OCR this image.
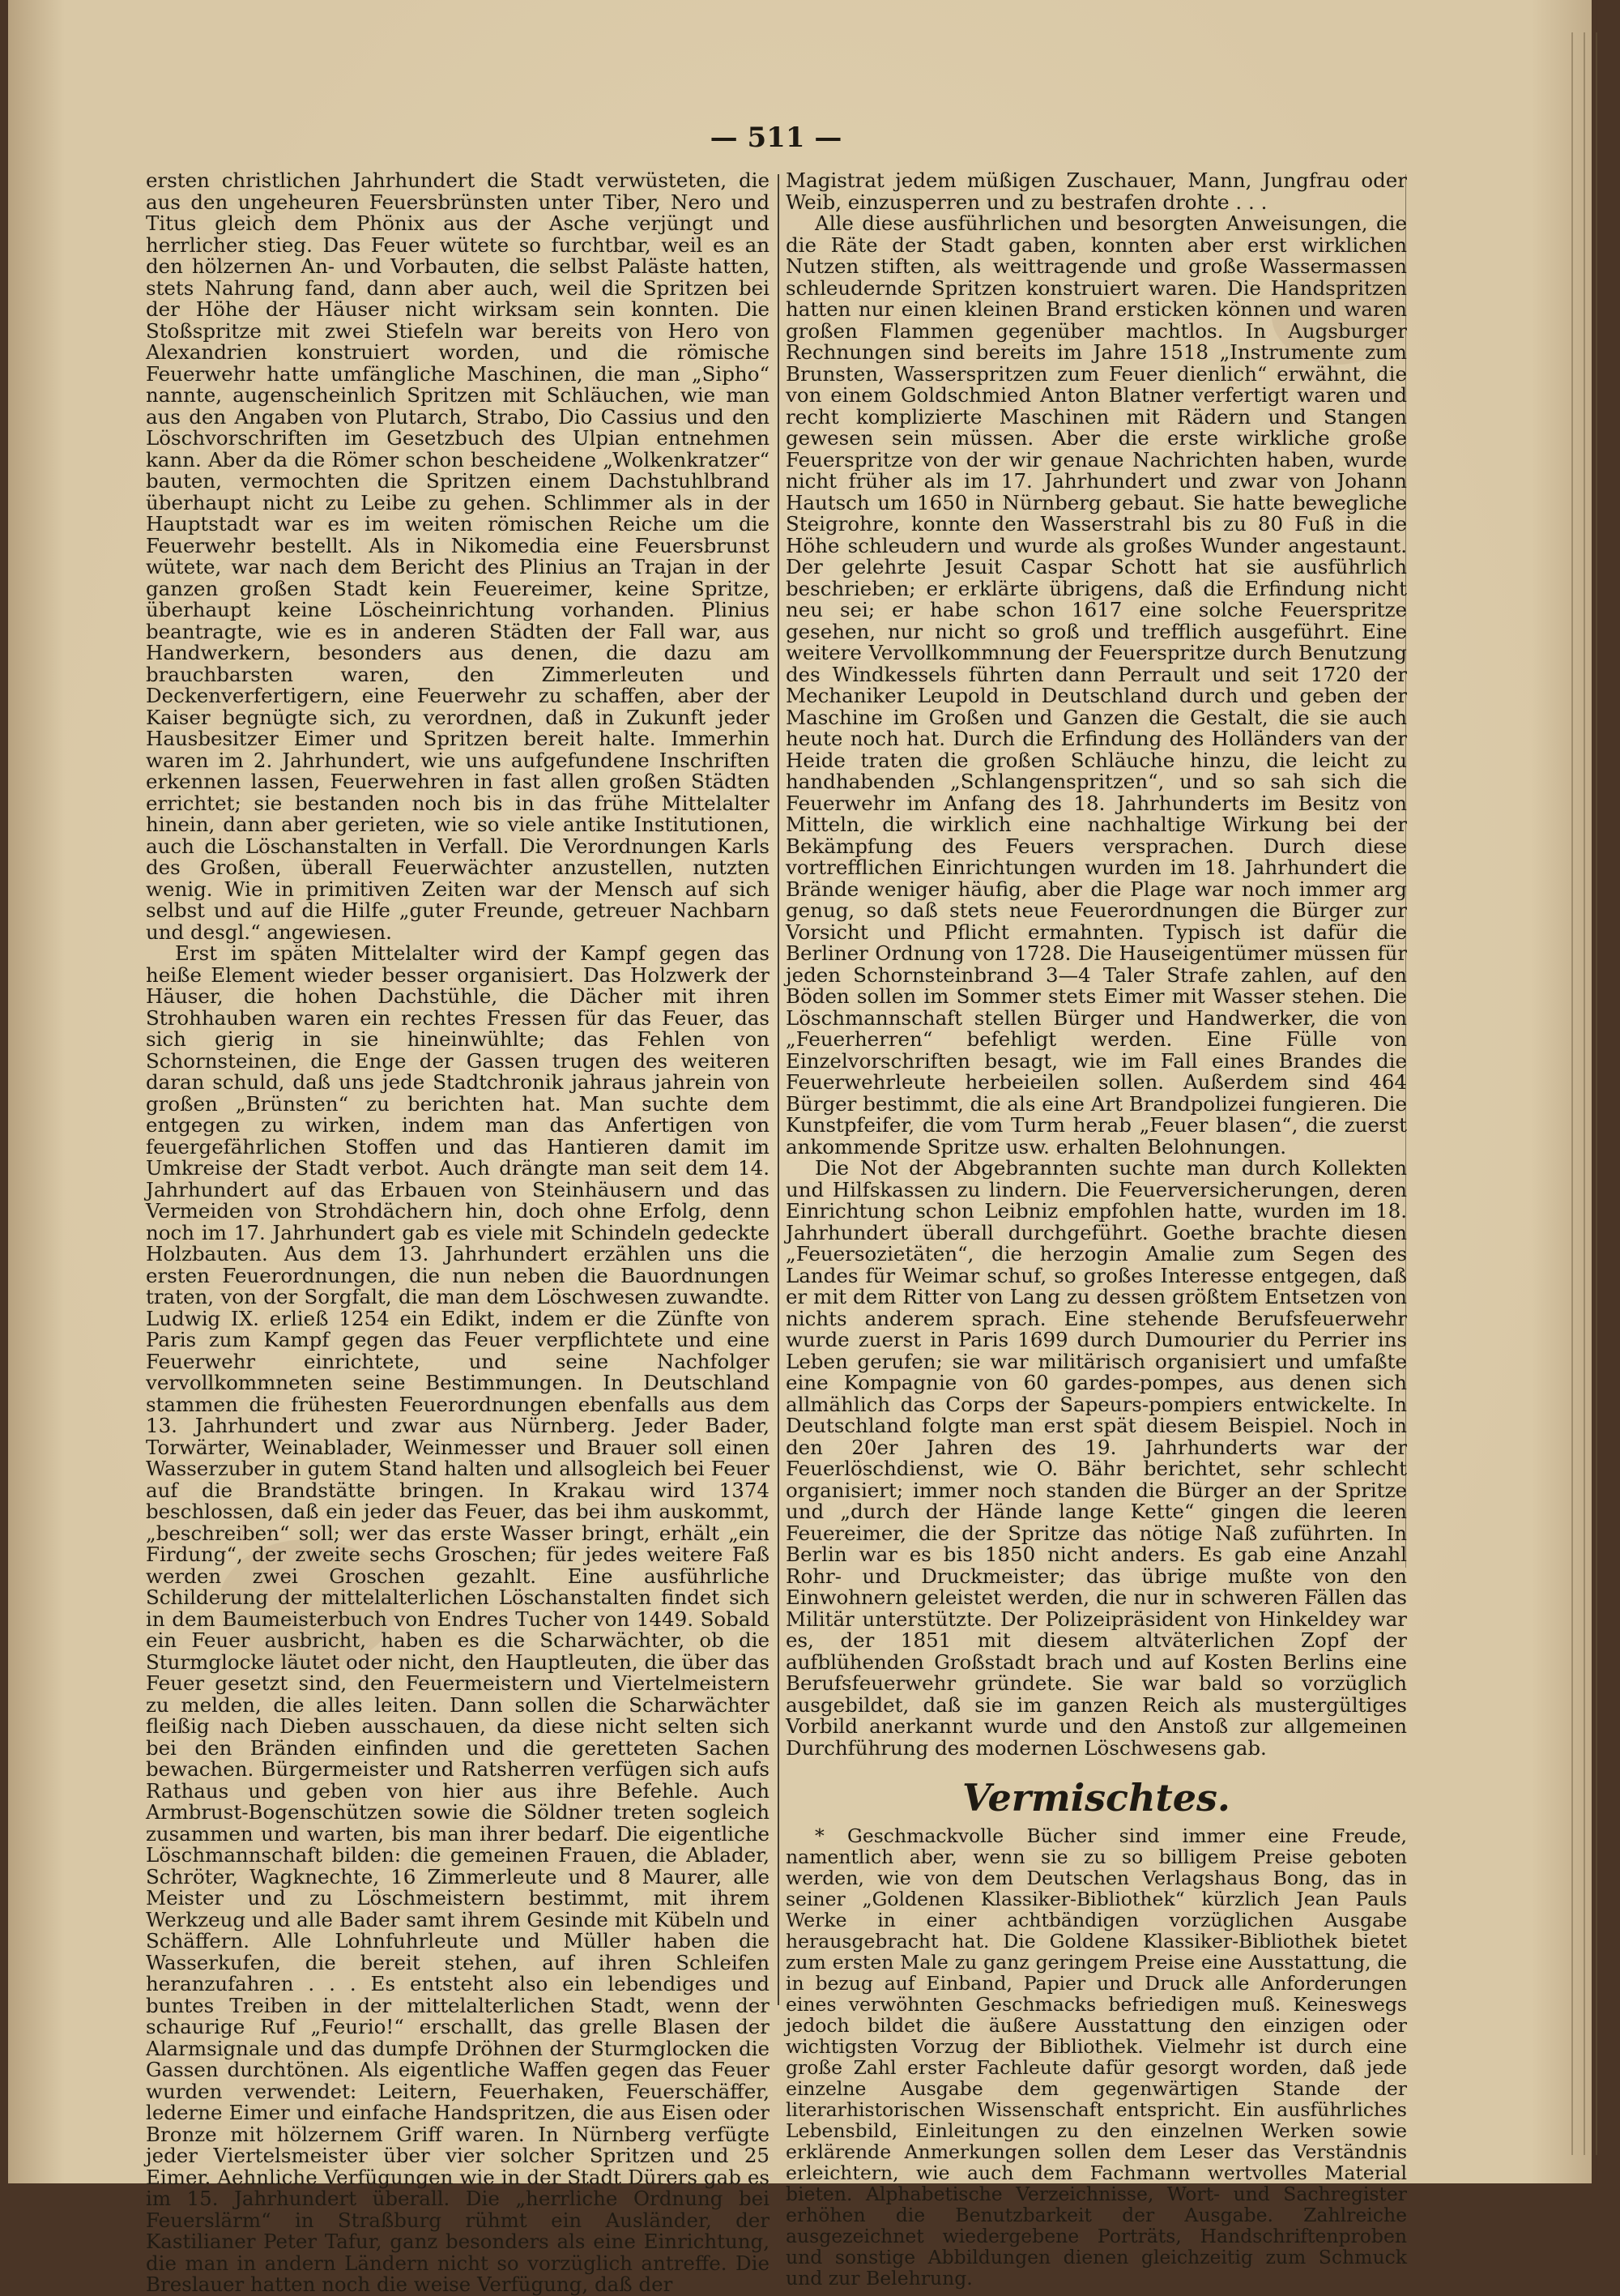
— 511 —

ersten christlichen Jahrhundert die Stadt verwüsteten, die aus den ungeheuren Feuersbrünsten unter Tiber, Nero und Titus gleich dem Phönix aus der Asche verjüngt und herrlicher stieg. Das Feuer wütete so furchtbar, weil es an den hölzernen An- und Vorbauten, die selbst Paläste hatten, stets Nahrung fand, dann aber auch, weil die Spritzen bei der Höhe der Häuser nicht wirksam sein konnten. Die Stoßspritze mit zwei Stiefeln war bereits von Hero von Alexandrien konstruiert worden, und die römische Feuerwehr hatte umfängliche Maschinen, die man „Sipho“ nannte, augenscheinlich Spritzen mit Schläuchen, wie man aus den Angaben von Plutarch, Strabo, Dio Cassius und den Löschvorschriften im Gesetzbuch des Ulpian entnehmen kann. Aber da die Römer schon bescheidene „Wolkenkratzer“ bauten, vermochten die Spritzen einem Dachstuhlbrand überhaupt nicht zu Leibe zu gehen. Schlimmer als in der Hauptstadt war es im weiten römischen Reiche um die Feuerwehr bestellt. Als in Nikomedia eine Feuersbrunst wütete, war nach dem Bericht des Plinius an Trajan in der ganzen großen Stadt kein Feuereimer, keine Spritze, überhaupt keine Löscheinrichtung vorhanden. Plinius beantragte, wie es in anderen Städten der Fall war, aus Handwerkern, besonders aus denen, die dazu am brauchbarsten waren, den Zimmerleuten und Deckenverfertigern, eine Feuerwehr zu schaffen, aber der Kaiser begnügte sich, zu verordnen, daß in Zukunft jeder Hausbesitzer Eimer und Spritzen bereit halte. Immerhin waren im 2. Jahrhundert, wie uns aufgefundene Inschriften erkennen lassen, Feuerwehren in fast allen großen Städten errichtet; sie bestanden noch bis in das frühe Mittelalter hinein, dann aber gerieten, wie so viele antike Institutionen, auch die Löschanstalten in Verfall. Die Verordnungen Karls des Großen, überall Feuerwächter anzustellen, nutzten wenig. Wie in primitiven Zeiten war der Mensch auf sich selbst und auf die Hilfe „guter Freunde, getreuer Nachbarn und desgl.“ angewiesen.

Erst im späten Mittelalter wird der Kampf gegen das heiße Element wieder besser organisiert. Das Holzwerk der Häuser, die hohen Dachstühle, die Dächer mit ihren Strohhauben waren ein rechtes Fressen für das Feuer, das sich gierig in sie hineinwühlte; das Fehlen von Schornsteinen, die Enge der Gassen trugen des weiteren daran schuld, daß uns jede Stadtchronik jahraus jahrein von großen „Brünsten“ zu berichten hat. Man suchte dem entgegen zu wirken, indem man das Anfertigen von feuergefährlichen Stoffen und das Hantieren damit im Umkreise der Stadt verbot. Auch drängte man seit dem 14. Jahrhundert auf das Erbauen von Steinhäusern und das Vermeiden von Strohdächern hin, doch ohne Erfolg, denn noch im 17. Jahrhundert gab es viele mit Schindeln gedeckte Holzbauten. Aus dem 13. Jahrhundert erzählen uns die ersten Feuerordnungen, die nun neben die Bauordnungen traten, von der Sorgfalt, die man dem Löschwesen zuwandte. Ludwig IX. erließ 1254 ein Edikt, indem er die Zünfte von Paris zum Kampf gegen das Feuer verpflichtete und eine Feuerwehr einrichtete, und seine Nachfolger vervollkommneten seine Bestimmungen. In Deutschland stammen die frühesten Feuerordnungen ebenfalls aus dem 13. Jahrhundert und zwar aus Nürnberg. Jeder Bader, Torwärter, Weinablader, Weinmesser und Brauer soll einen Wasserzuber in gutem Stand halten und allsogleich bei Feuer auf die Brandstätte bringen. In Krakau wird 1374 beschlossen, daß ein jeder das Feuer, das bei ihm auskommt, „beschreiben“ soll; wer das erste Wasser bringt, erhält „ein Firdung“, der zweite sechs Groschen; für jedes weitere Faß werden zwei Groschen gezahlt. Eine ausführliche Schilderung der mittelalterlichen Löschanstalten findet sich in dem Baumeisterbuch von Endres Tucher von 1449. Sobald ein Feuer ausbricht, haben es die Scharwächter, ob die Sturmglocke läutet oder nicht, den Hauptleuten, die über das Feuer gesetzt sind, den Feuermeistern und Viertelmeistern zu melden, die alles leiten. Dann sollen die Scharwächter fleißig nach Dieben ausschauen, da diese nicht selten sich bei den Bränden einfinden und die geretteten Sachen bewachen. Bürgermeister und Ratsherren verfügen sich aufs Rathaus und geben von hier aus ihre Befehle. Auch Armbrust-Bogenschützen sowie die Söldner treten sogleich zusammen und warten, bis man ihrer bedarf. Die eigentliche Löschmannschaft bilden: die gemeinen Frauen, die Ablader, Schröter, Wagknechte, 16 Zimmerleute und 8 Maurer, alle Meister und zu Löschmeistern bestimmt, mit ihrem Werkzeug und alle Bader samt ihrem Gesinde mit Kübeln und Schäffern. Alle Lohnfuhrleute und Müller haben die Wasserkufen, die bereit stehen, auf ihren Schleifen heranzufahren . . . Es entsteht also ein lebendiges und buntes Treiben in der mittelalterlichen Stadt, wenn der schaurige Ruf „Feurio!“ erschallt, das grelle Blasen der Alarmsignale und das dumpfe Dröhnen der Sturmglocken die Gassen durchtönen. Als eigentliche Waffen gegen das Feuer wurden verwendet: Leitern, Feuerhaken, Feuerschäffer, lederne Eimer und einfache Handspritzen, die aus Eisen oder Bronze mit hölzernem Griff waren. In Nürnberg verfügte jeder Viertelsmeister über vier solcher Spritzen und 25 Eimer. Aehnliche Verfügungen wie in der Stadt Dürers gab es im 15. Jahrhundert überall. Die „herrliche Ordnung bei Feuerslärm“ in Straßburg rühmt ein Ausländer, der Kastilianer Peter Tafur, ganz besonders als eine Einrichtung, die man in andern Ländern nicht so vorzüglich antreffe. Die Breslauer hatten noch die weise Verfügung, daß der

Magistrat jedem müßigen Zuschauer, Mann, Jungfrau oder Weib, einzusperren und zu bestrafen drohte . . .

Alle diese ausführlichen und besorgten Anweisungen, die die Räte der Stadt gaben, konnten aber erst wirklichen Nutzen stiften, als weittragende und große Wassermassen schleudernde Spritzen konstruiert waren. Die Handspritzen hatten nur einen kleinen Brand ersticken können und waren großen Flammen gegenüber machtlos. In Augsburger Rechnungen sind bereits im Jahre 1518 „Instrumente zum Brunsten, Wasserspritzen zum Feuer dienlich“ erwähnt, die von einem Goldschmied Anton Blatner verfertigt waren und recht komplizierte Maschinen mit Rädern und Stangen gewesen sein müssen. Aber die erste wirkliche große Feuerspritze von der wir genaue Nachrichten haben, wurde nicht früher als im 17. Jahrhundert und zwar von Johann Hautsch um 1650 in Nürnberg gebaut. Sie hatte bewegliche Steigrohre, konnte den Wasserstrahl bis zu 80 Fuß in die Höhe schleudern und wurde als großes Wunder angestaunt. Der gelehrte Jesuit Caspar Schott hat sie ausführlich beschrieben; er erklärte übrigens, daß die Erfindung nicht neu sei; er habe schon 1617 eine solche Feuerspritze gesehen, nur nicht so groß und trefflich ausgeführt. Eine weitere Vervollkommnung der Feuerspritze durch Benutzung des Windkessels führten dann Perrault und seit 1720 der Mechaniker Leupold in Deutschland durch und geben der Maschine im Großen und Ganzen die Gestalt, die sie auch heute noch hat. Durch die Erfindung des Holländers van der Heide traten die großen Schläuche hinzu, die leicht zu handhabenden „Schlangenspritzen“, und so sah sich die Feuerwehr im Anfang des 18. Jahrhunderts im Besitz von Mitteln, die wirklich eine nachhaltige Wirkung bei der Bekämpfung des Feuers versprachen. Durch diese vortrefflichen Einrichtungen wurden im 18. Jahrhundert die Brände weniger häufig, aber die Plage war noch immer arg genug, so daß stets neue Feuerordnungen die Bürger zur Vorsicht und Pflicht ermahnten. Typisch ist dafür die Berliner Ordnung von 1728. Die Hauseigentümer müssen für jeden Schornsteinbrand 3—4 Taler Strafe zahlen, auf den Böden sollen im Sommer stets Eimer mit Wasser stehen. Die Löschmannschaft stellen Bürger und Handwerker, die von „Feuerherren“ befehligt werden. Eine Fülle von Einzelvorschriften besagt, wie im Fall eines Brandes die Feuerwehrleute herbeieilen sollen. Außerdem sind 464 Bürger bestimmt, die als eine Art Brandpolizei fungieren. Die Kunstpfeifer, die vom Turm herab „Feuer blasen“, die zuerst ankommende Spritze usw. erhalten Belohnungen.

Die Not der Abgebrannten suchte man durch Kollekten und Hilfskassen zu lindern. Die Feuerversicherungen, deren Einrichtung schon Leibniz empfohlen hatte, wurden im 18. Jahrhundert überall durchgeführt. Goethe brachte diesen „Feuersozietäten“, die herzogin Amalie zum Segen des Landes für Weimar schuf, so großes Interesse entgegen, daß er mit dem Ritter von Lang zu dessen größtem Entsetzen von nichts anderem sprach. Eine stehende Berufsfeuerwehr wurde zuerst in Paris 1699 durch Dumourier du Perrier ins Leben gerufen; sie war militärisch organisiert und umfaßte eine Kompagnie von 60 gardes-pompes, aus denen sich allmählich das Corps der Sapeurs-pompiers entwickelte. In Deutschland folgte man erst spät diesem Beispiel. Noch in den 20er Jahren des 19. Jahrhunderts war der Feuerlöschdienst, wie O. Bähr berichtet, sehr schlecht organisiert; immer noch standen die Bürger an der Spritze und „durch der Hände lange Kette“ gingen die leeren Feuereimer, die der Spritze das nötige Naß zuführten. In Berlin war es bis 1850 nicht anders. Es gab eine Anzahl Rohr- und Druckmeister; das übrige mußte von den Einwohnern geleistet werden, die nur in schweren Fällen das Militär unterstützte. Der Polizeipräsident von Hinkeldey war es, der 1851 mit diesem altväterlichen Zopf der aufblühenden Großstadt brach und auf Kosten Berlins eine Berufsfeuerwehr gründete. Sie war bald so vorzüglich ausgebildet, daß sie im ganzen Reich als mustergültiges Vorbild anerkannt wurde und den Anstoß zur allgemeinen Durchführung des modernen Löschwesens gab.

Vermischtes.

* Geschmackvolle Bücher sind immer eine Freude, namentlich aber, wenn sie zu so billigem Preise geboten werden, wie von dem Deutschen Verlagshaus Bong, das in seiner „Goldenen Klassiker-Bibliothek“ kürzlich Jean Pauls Werke in einer achtbändigen vorzüglichen Ausgabe herausgebracht hat. Die Goldene Klassiker-Bibliothek bietet zum ersten Male zu ganz geringem Preise eine Ausstattung, die in bezug auf Einband, Papier und Druck alle Anforderungen eines verwöhnten Geschmacks befriedigen muß. Keineswegs jedoch bildet die äußere Ausstattung den einzigen oder wichtigsten Vorzug der Bibliothek. Vielmehr ist durch eine große Zahl erster Fachleute dafür gesorgt worden, daß jede einzelne Ausgabe dem gegenwärtigen Stande der literarhistorischen Wissenschaft entspricht. Ein ausführliches Lebensbild, Einleitungen zu den einzelnen Werken sowie erklärende Anmerkungen sollen dem Leser das Verständnis erleichtern, wie auch dem Fachmann wertvolles Material bieten. Alphabetische Verzeichnisse, Wort- und Sachregister erhöhen die Benutzbarkeit der Ausgabe. Zahlreiche ausgezeichnet wiedergebene Porträts, Handschriftenproben und sonstige Abbildungen dienen gleichzeitig zum Schmuck und zur Belehrung.
